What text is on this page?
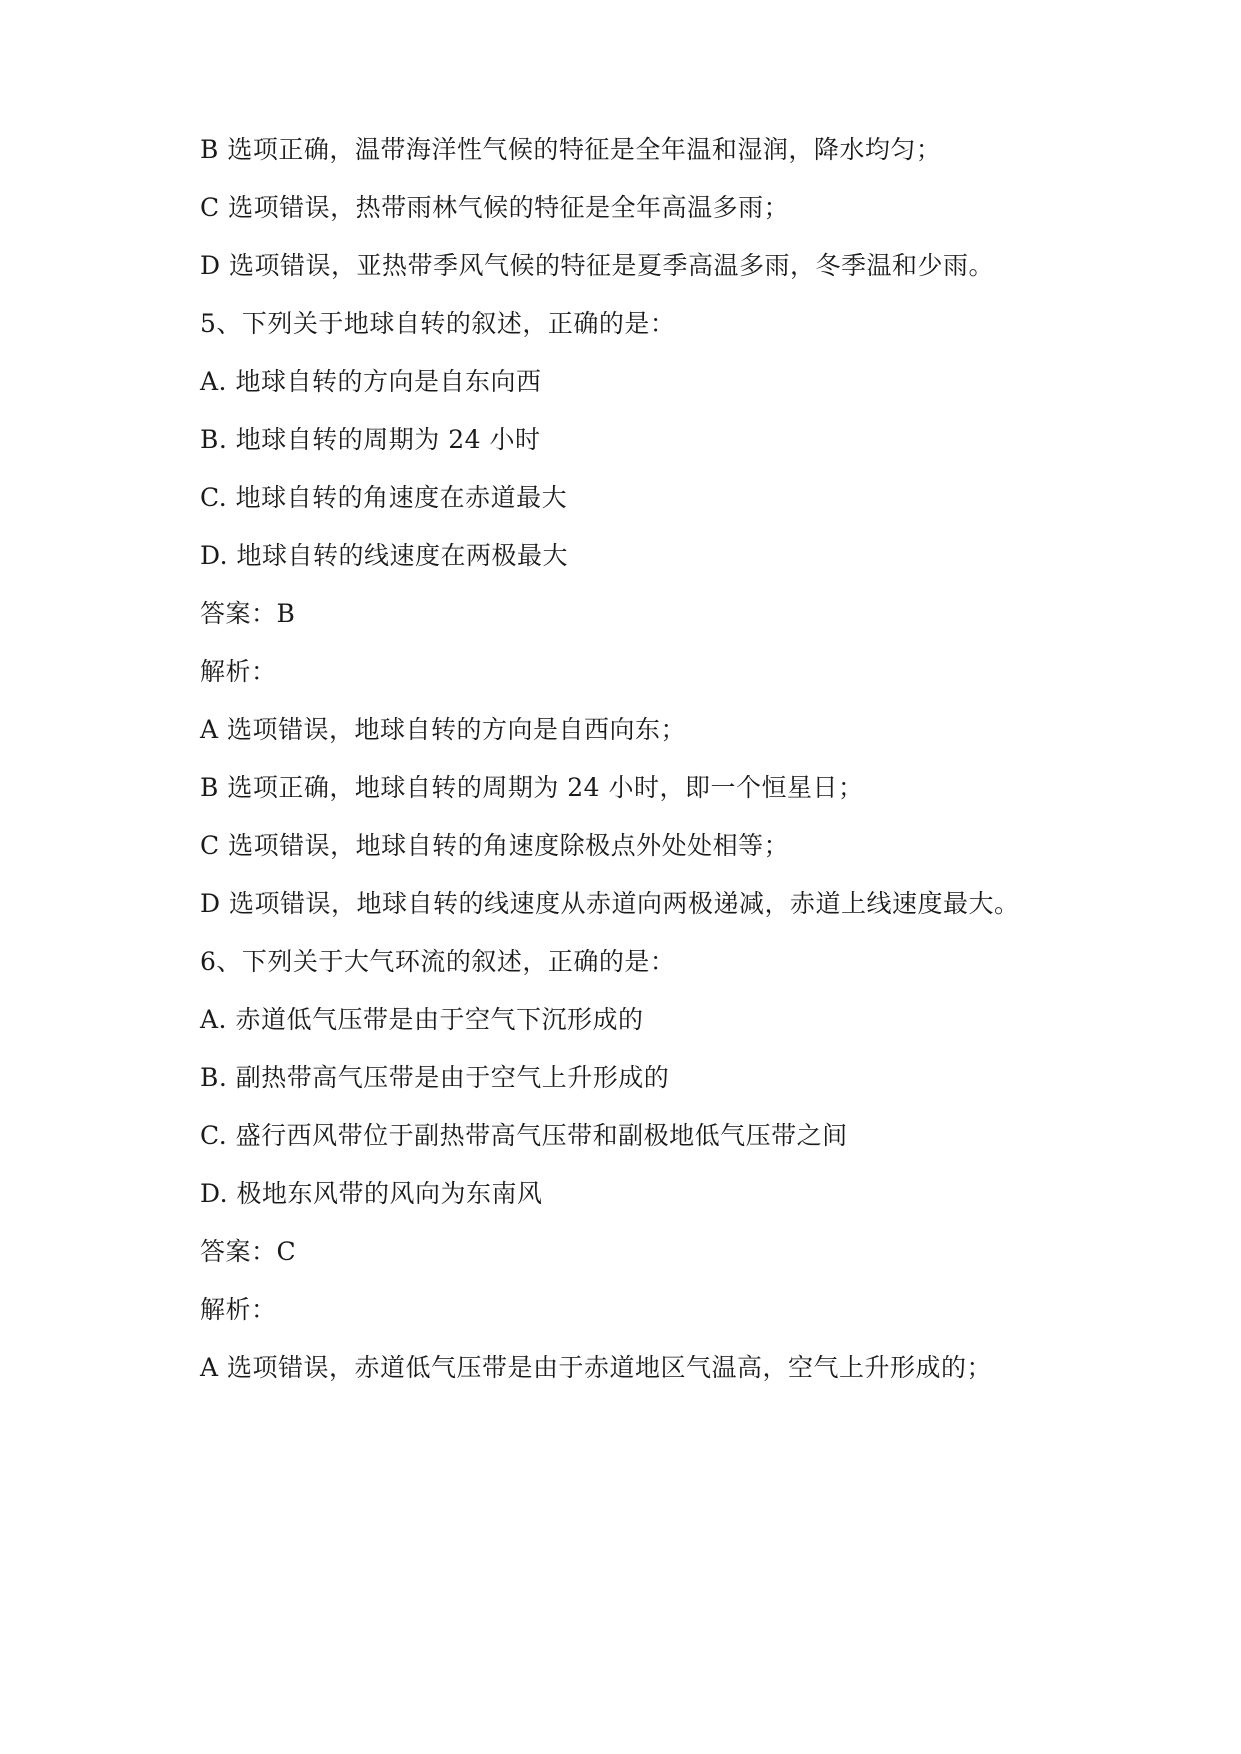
B 选项正确，温带海洋性气候的特征是全年温和湿润，降水均匀；
C 选项错误，热带雨林气候的特征是全年高温多雨；
D 选项错误，亚热带季风气候的特征是夏季高温多雨，冬季温和少雨。
5、下列关于地球自转的叙述，正确的是：
A. 地球自转的方向是自东向西
B. 地球自转的周期为 24 小时
C. 地球自转的角速度在赤道最大
D. 地球自转的线速度在两极最大
答案：B
解析：
A 选项错误，地球自转的方向是自西向东；
B 选项正确，地球自转的周期为 24 小时，即一个恒星日；
C 选项错误，地球自转的角速度除极点外处处相等；
D 选项错误，地球自转的线速度从赤道向两极递减，赤道上线速度最大。
6、下列关于大气环流的叙述，正确的是：
A. 赤道低气压带是由于空气下沉形成的
B. 副热带高气压带是由于空气上升形成的
C. 盛行西风带位于副热带高气压带和副极地低气压带之间
D. 极地东风带的风向为东南风
答案：C
解析：
A 选项错误，赤道低气压带是由于赤道地区气温高，空气上升形成的；
